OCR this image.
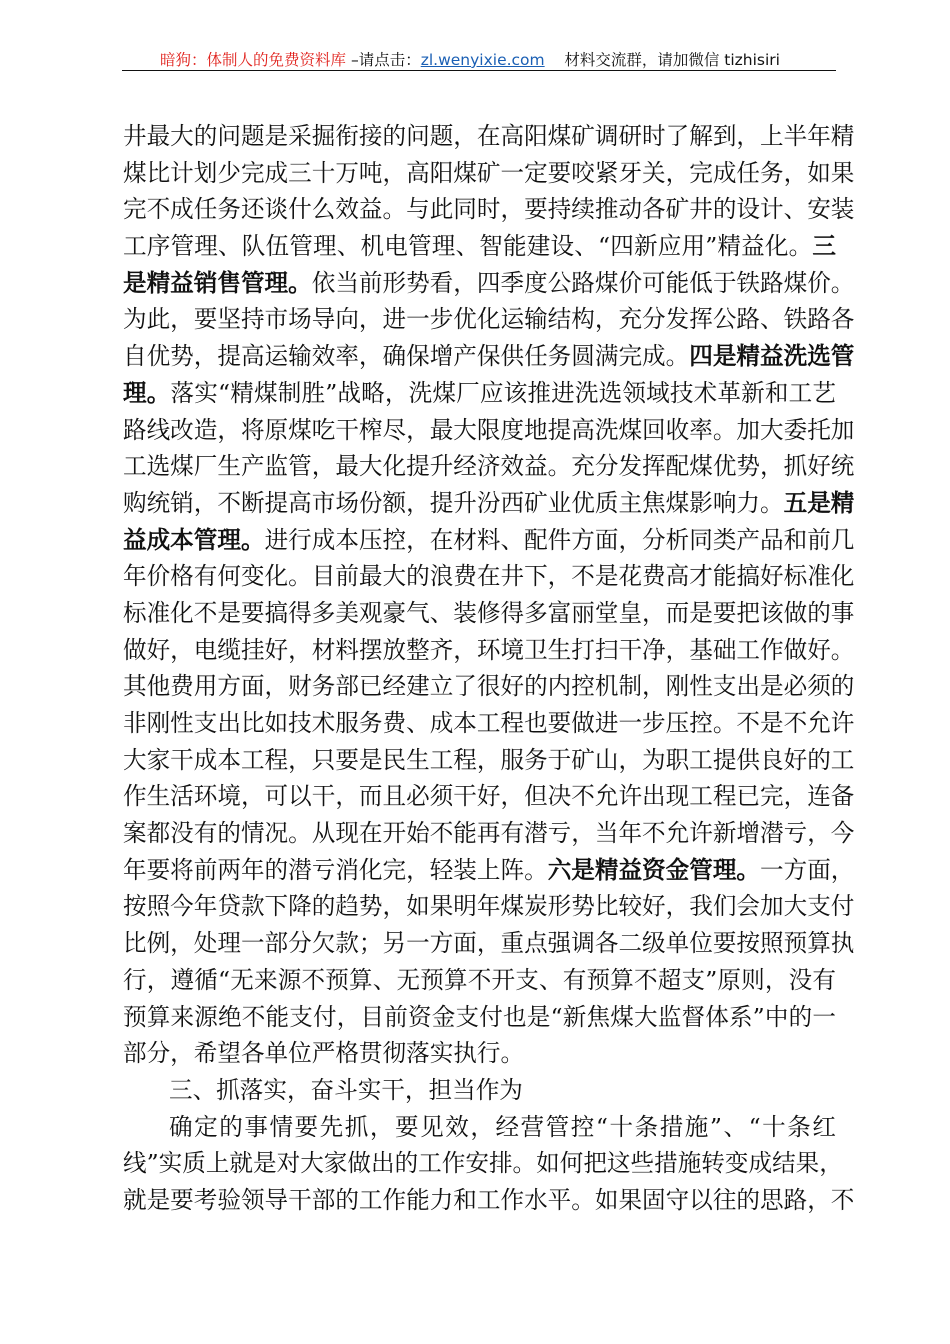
暗狗：体制人的免费资料库 –请点击：zl.wenyixie.com    材料交流群，请加微信 tizhisiri
井最大的问题是采掘衔接的问题，在高阳煤矿调研时了解到，上半年精
煤比计划少完成三十万吨，高阳煤矿一定要咬紧牙关，完成任务，如果
完不成任务还谈什么效益。与此同时，要持续推动各矿井的设计、安装
工序管理、队伍管理、机电管理、智能建设、“四新应用”精益化。三
是精益销售管理。依当前形势看，四季度公路煤价可能低于铁路煤价。
为此，要坚持市场导向，进一步优化运输结构，充分发挥公路、铁路各
自优势，提高运输效率，确保增产保供任务圆满完成。四是精益洗选管
理。落实“精煤制胜”战略，洗煤厂应该推进洗选领域技术革新和工艺
路线改造，将原煤吃干榨尽，最大限度地提高洗煤回收率。加大委托加
工选煤厂生产监管，最大化提升经济效益。充分发挥配煤优势，抓好统
购统销，不断提高市场份额，提升汾西矿业优质主焦煤影响力。五是精
益成本管理。进行成本压控，在材料、配件方面，分析同类产品和前几
年价格有何变化。目前最大的浪费在井下，不是花费高才能搞好标准化
标准化不是要搞得多美观豪气、装修得多富丽堂皇，而是要把该做的事
做好，电缆挂好，材料摆放整齐，环境卫生打扫干净，基础工作做好。
其他费用方面，财务部已经建立了很好的内控机制，刚性支出是必须的
非刚性支出比如技术服务费、成本工程也要做进一步压控。不是不允许
大家干成本工程，只要是民生工程，服务于矿山，为职工提供良好的工
作生活环境，可以干，而且必须干好，但决不允许出现工程已完，连备
案都没有的情况。从现在开始不能再有潜亏，当年不允许新增潜亏，今
年要将前两年的潜亏消化完，轻装上阵。六是精益资金管理。一方面，
按照今年贷款下降的趋势，如果明年煤炭形势比较好，我们会加大支付
比例，处理一部分欠款；另一方面，重点强调各二级单位要按照预算执
行，遵循“无来源不预算、无预算不开支、有预算不超支”原则，没有
预算来源绝不能支付，目前资金支付也是“新焦煤大监督体系”中的一
部分，希望各单位严格贯彻落实执行。
三、抓落实，奋斗实干，担当作为
确定的事情要先抓，要见效，经营管控“十条措施”、“十条红
线”实质上就是对大家做出的工作安排。如何把这些措施转变成结果，
就是要考验领导干部的工作能力和工作水平。如果固守以往的思路，不
